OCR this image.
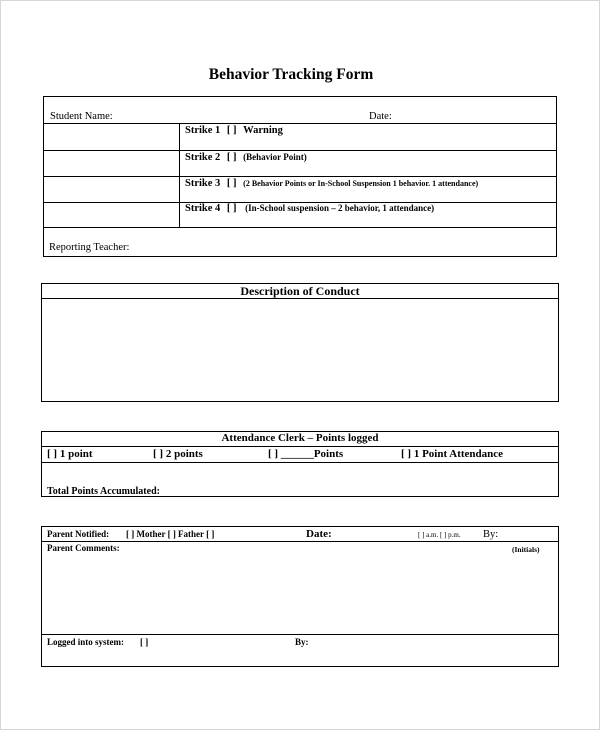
Behavior Tracking Form
Student Name:	Date:
Strike 1 [ ] Warning
Strike 2 [ ] (Behavior Point)
Strike 3 [ ] (2 Behavior Points or In-School Suspension 1 behavior. 1 attendance)
Strike 4 [ ] (In-School suspension – 2 behavior, 1 attendance)
Reporting Teacher:
Description of Conduct
Attendance Clerk – Points logged
[ ] 1 point	[ ] 2 points	[ ] ______Points	[ ] 1 Point Attendance
Total Points Accumulated:
Parent Notified: [ ] Mother [ ] Father [ ]	Date:	[ ] a.m. [ ] p.m. By:
Parent Comments:	(Initials)
Logged into system: [ ]	By:
